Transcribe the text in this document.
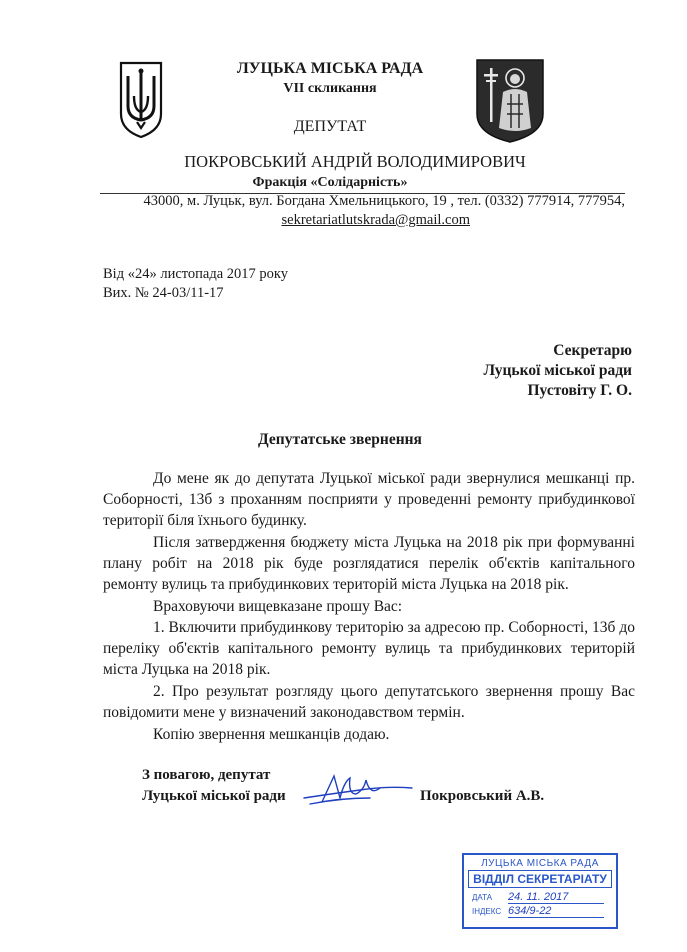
ЛУЦЬКА МІСЬКА РАДА
VII скликання
ДЕПУТАТ
ПОКРОВСЬКИЙ АНДРІЙ ВОЛОДИМИРОВИЧ
Фракція «Солідарність»
43000, м. Луцьк, вул. Богдана Хмельницького, 19 , тел. (0332) 777914, 777954,
sekretariatlutskrada@gmail.com
Від «24» листопада 2017 року
Вих. № 24-03/11-17
Секретарю
Луцької міської ради
Пустовіту Г. О.
Депутатське звернення
До мене як до депутата Луцької міської ради звернулися мешканці пр. Соборності, 13б з проханням посприяти у проведенні ремонту прибудинкової території біля їхнього будинку.
Після затвердження бюджету міста Луцька на 2018 рік при формуванні плану робіт на 2018 рік буде розглядатися перелік об'єктів капітального ремонту вулиць та прибудинкових територій міста Луцька на 2018 рік.
Враховуючи вищевказане прошу Вас:
1. Включити прибудинкову територію за адресою пр. Соборності, 13б до переліку об'єктів капітального ремонту вулиць та прибудинкових територій міста Луцька на 2018 рік.
2. Про результат розгляду цього депутатського звернення прошу Вас повідомити мене у визначений законодавством термін.
Копію звернення мешканців додаю.
З повагою, депутат
Луцької міської ради	Покровський А.В.
ЛУЦЬКА МІСЬКА РАДА
ВІДДІЛ СЕКРЕТАРІАТУ
ДАТА	24. 11. 2017
ІНДЕКС 634/9-22
